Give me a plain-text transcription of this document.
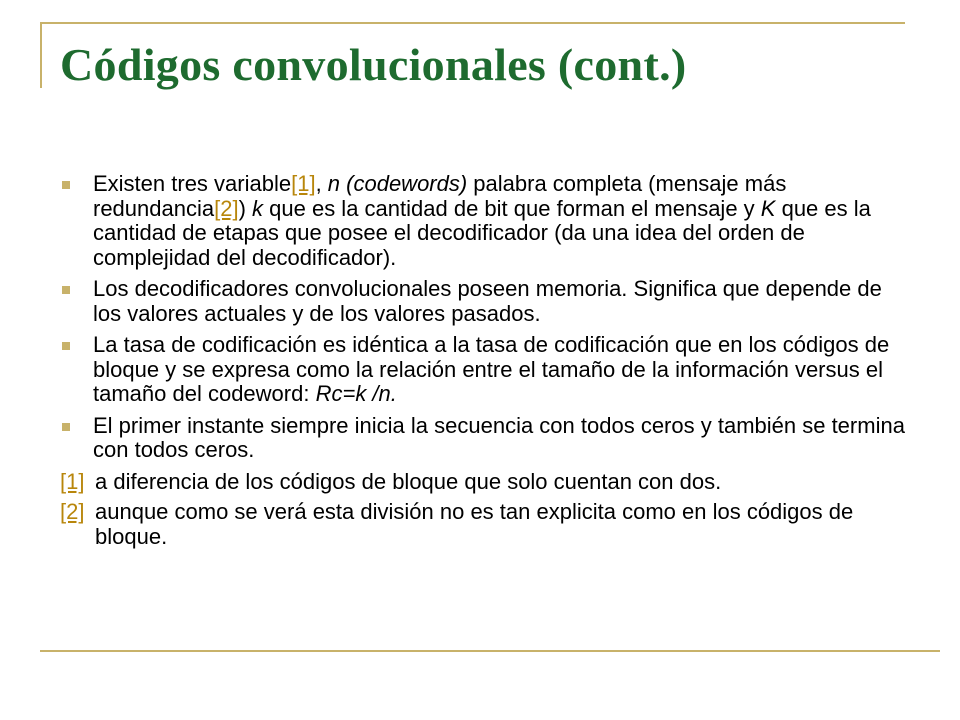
Códigos convolucionales (cont.)
Existen tres variable[1], n (codewords) palabra completa (mensaje más redundancia[2]) k que es la cantidad de bit que forman el mensaje y K que es la cantidad de etapas que posee el decodificador (da una idea del orden de complejidad del decodificador).
Los decodificadores convolucionales poseen memoria. Significa que depende de los valores actuales y de los valores pasados.
La tasa de codificación es idéntica a la tasa de codificación que en los códigos de bloque y se expresa como la relación entre el tamaño de la información versus el tamaño del codeword: Rc=k /n.
El primer instante siempre inicia la secuencia con todos ceros y también se termina con todos ceros.
[1] a diferencia de los códigos de bloque que solo cuentan con dos.
[2] aunque como se verá esta división no es tan explicita como en los códigos de bloque.
